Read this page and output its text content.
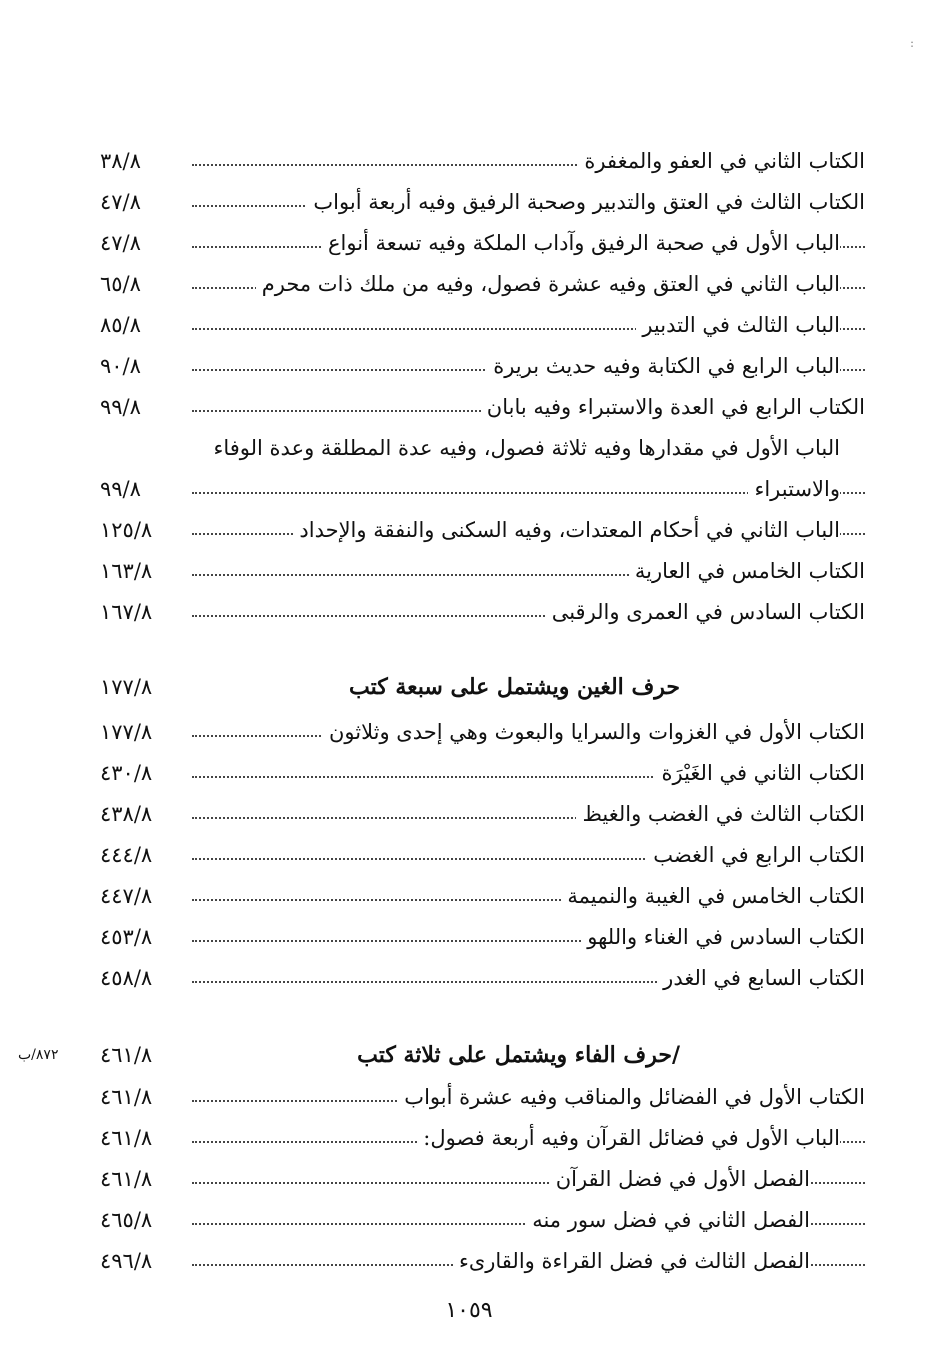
:
الكتاب الثاني في العفو والمغفرة
٣٨/٨
الكتاب الثالث في العتق والتدبير وصحبة الرفيق وفيه أربعة أبواب
٤٧/٨
الباب الأول في صحبة الرفيق وآداب الملكة وفيه تسعة أنواع
٤٧/٨
الباب الثاني في العتق وفيه عشرة فصول، وفيه من ملك ذات محرم
٦٥/٨
الباب الثالث في التدبير
٨٥/٨
الباب الرابع في الكتابة وفيه حديث بريرة
٩٠/٨
الكتاب الرابع في العدة والاستبراء وفيه بابان
٩٩/٨
الباب الأول في مقدارها وفيه ثلاثة فصول، وفيه عدة المطلقة وعدة الوفاء
والاستبراء
٩٩/٨
الباب الثاني في أحكام المعتدات، وفيه السكنى والنفقة والإحداد
١٢٥/٨
الكتاب الخامس في العارية
١٦٣/٨
الكتاب السادس في العمرى والرقبى
١٦٧/٨
حرف الغين ويشتمل على سبعة كتب
١٧٧/٨
الكتاب الأول في الغزوات والسرايا والبعوث وهي إحدى وثلاثون
١٧٧/٨
الكتاب الثاني في الغَيْرَة
٤٣٠/٨
الكتاب الثالث في الغضب والغيظ
٤٣٨/٨
الكتاب الرابع في الغضب
٤٤٤/٨
الكتاب الخامس في الغيبة والنميمة
٤٤٧/٨
الكتاب السادس في الغناء واللهو
٤٥٣/٨
الكتاب السابع في الغدر
٤٥٨/٨
٨٧٢/ب	/حرف الفاء ويشتمل على ثلاثة كتب
٤٦١/٨
الكتاب الأول في الفضائل والمناقب وفيه عشرة أبواب
٤٦١/٨
الباب الأول في فضائل القرآن وفيه أربعة فصول:
٤٦١/٨
الفصل الأول في فضل القرآن
٤٦١/٨
الفصل الثاني في فضل سور منه
٤٦٥/٨
الفصل الثالث في فضل القراءة والقارىء
٤٩٦/٨
١٠٥٩
